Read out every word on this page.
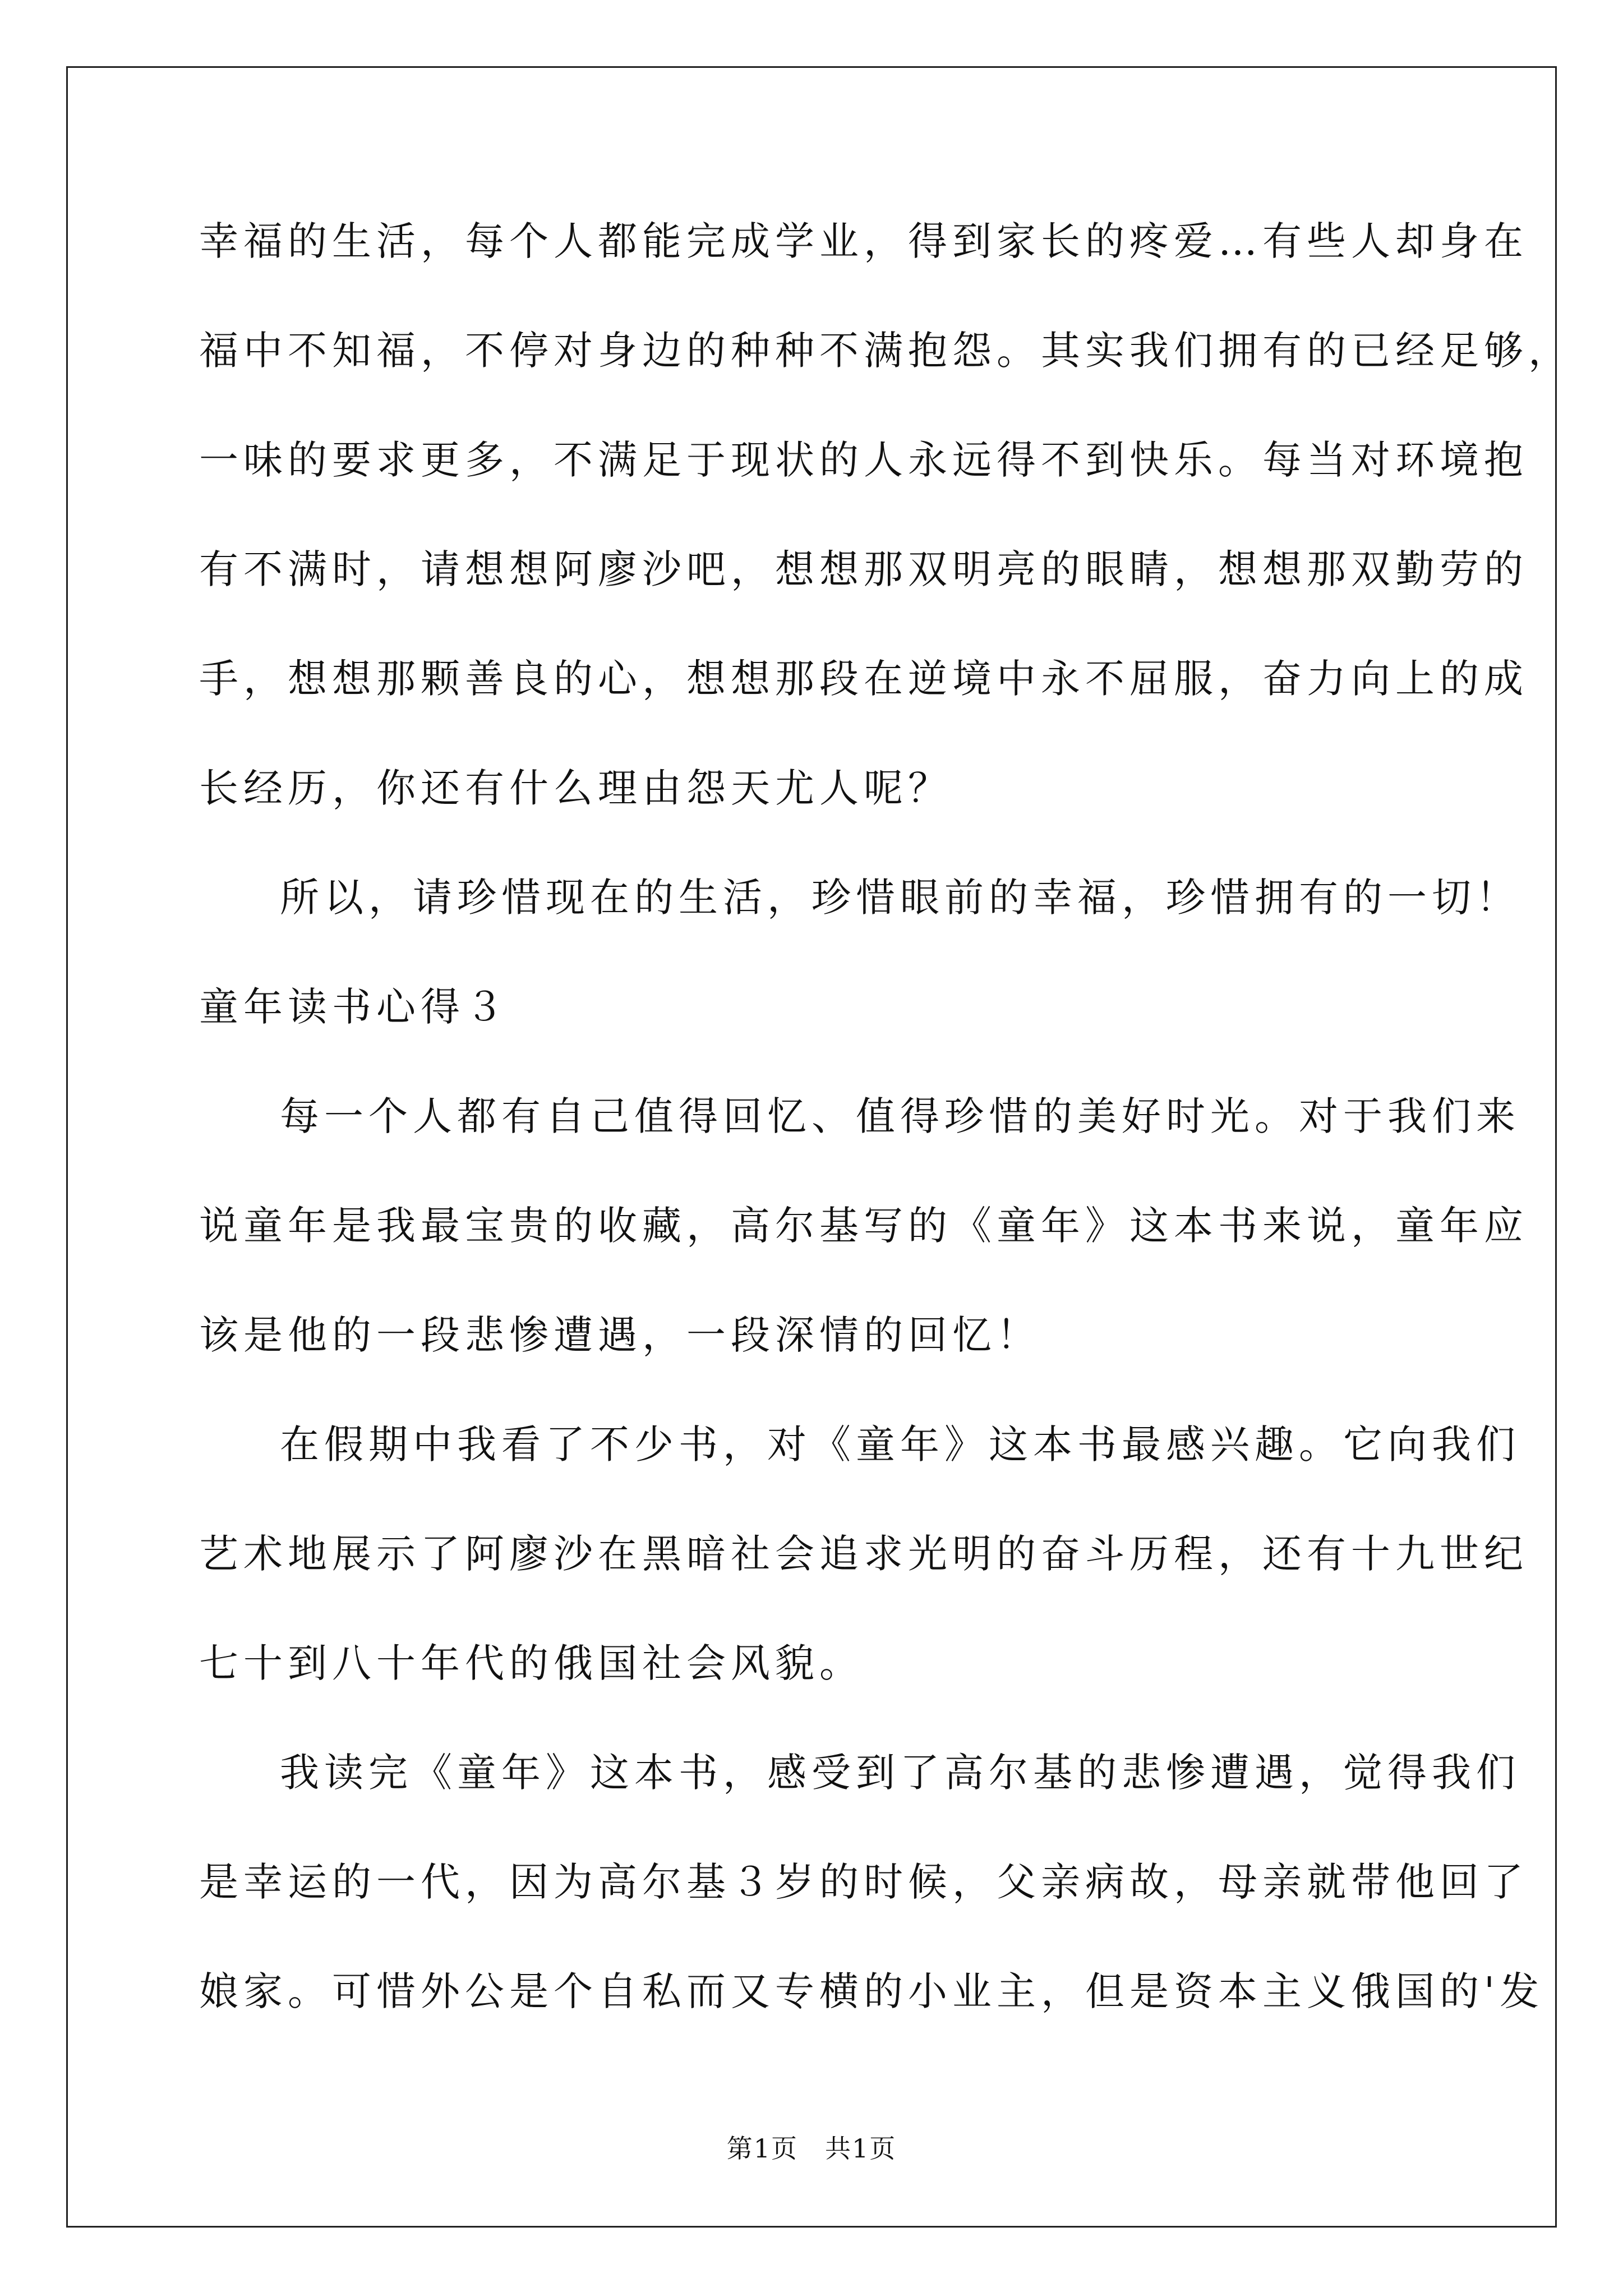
幸福的生活，每个人都能完成学业，得到家长的疼爱…有些人却身在
福中不知福，不停对身边的种种不满抱怨。其实我们拥有的已经足够，
一味的要求更多，不满足于现状的人永远得不到快乐。每当对环境抱
有不满时，请想想阿廖沙吧，想想那双明亮的眼睛，想想那双勤劳的
手，想想那颗善良的心，想想那段在逆境中永不屈服，奋力向上的成
长经历，你还有什么理由怨天尤人呢？
所以，请珍惜现在的生活，珍惜眼前的幸福，珍惜拥有的一切！
童年读书心得３
每一个人都有自己值得回忆、值得珍惜的美好时光。对于我们来
说童年是我最宝贵的收藏，高尔基写的《童年》这本书来说，童年应
该是他的一段悲惨遭遇，一段深情的回忆！
在假期中我看了不少书，对《童年》这本书最感兴趣。它向我们
艺术地展示了阿廖沙在黑暗社会追求光明的奋斗历程，还有十九世纪
七十到八十年代的俄国社会风貌。
我读完《童年》这本书，感受到了高尔基的悲惨遭遇，觉得我们
是幸运的一代，因为高尔基３岁的时候，父亲病故，母亲就带他回了
娘家。可惜外公是个自私而又专横的小业主，但是资本主义俄国的'发
第1页　共1页
